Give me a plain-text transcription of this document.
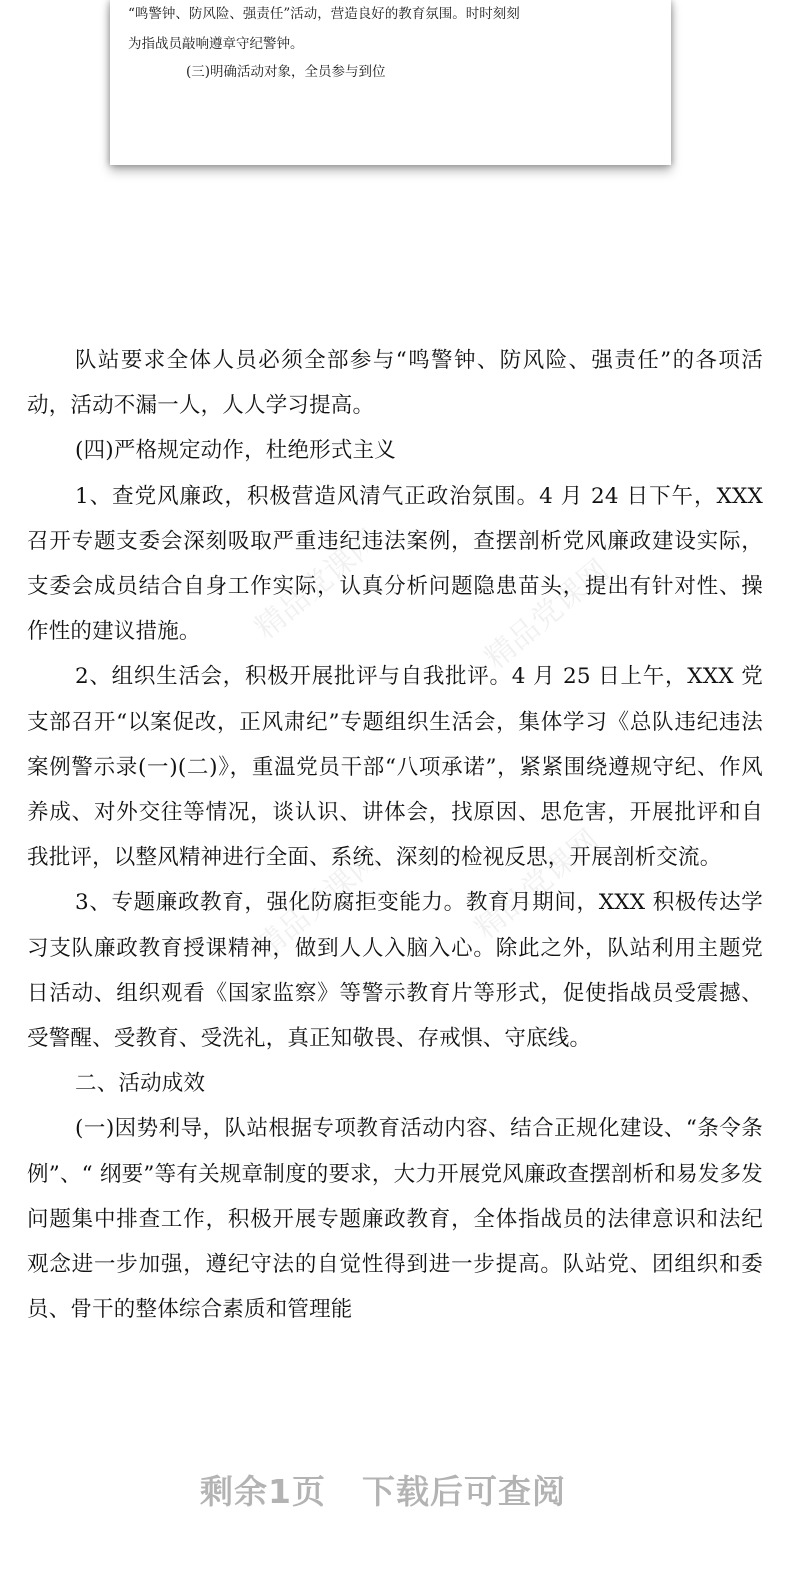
“鸣警钟、防风险、强责任”活动，营造良好的教育氛围。时时刻刻
为指战员敲响遵章守纪警钟。
(三)明确活动对象，全员参与到位
精品党课网	精品党课网
精品党课网	精品党课网

队站要求全体人员必须全部参与“鸣警钟、防风险、强责任”的各项活动，活动不漏一人，人人学习提高。

(四)严格规定动作，杜绝形式主义

1、查党风廉政，积极营造风清气正政治氛围。4 月 24 日下午，XXX 召开专题支委会深刻吸取严重违纪违法案例，查摆剖析党风廉政建设实际，支委会成员结合自身工作实际，认真分析问题隐患苗头，提出有针对性、操作性的建议措施。

2、组织生活会，积极开展批评与自我批评。4 月 25 日上午，XXX 党支部召开“以案促改，正风肃纪”专题组织生活会，集体学习《总队违纪违法案例警示录(一)(二)》，重温党员干部“八项承诺”，紧紧围绕遵规守纪、作风养成、对外交往等情况，谈认识、讲体会，找原因、思危害，开展批评和自我批评，以整风精神进行全面、系统、深刻的检视反思，开展剖析交流。

3、专题廉政教育，强化防腐拒变能力。教育月期间，XXX 积极传达学习支队廉政教育授课精神，做到人人入脑入心。除此之外，队站利用主题党日活动、组织观看《国家监察》等警示教育片等形式，促使指战员受震撼、受警醒、受教育、受洗礼，真正知敬畏、存戒惧、守底线。

二、活动成效

(一)因势利导，队站根据专项教育活动内容、结合正规化建设、“条令条例”、“ 纲要”等有关规章制度的要求，大力开展党风廉政查摆剖析和易发多发问题集中排查工作，积极开展专题廉政教育，全体指战员的法律意识和法纪观念进一步加强，遵纪守法的自觉性得到进一步提高。队站党、团组织和委员、骨干的整体综合素质和管理能

剩余1页 下载后可查阅
